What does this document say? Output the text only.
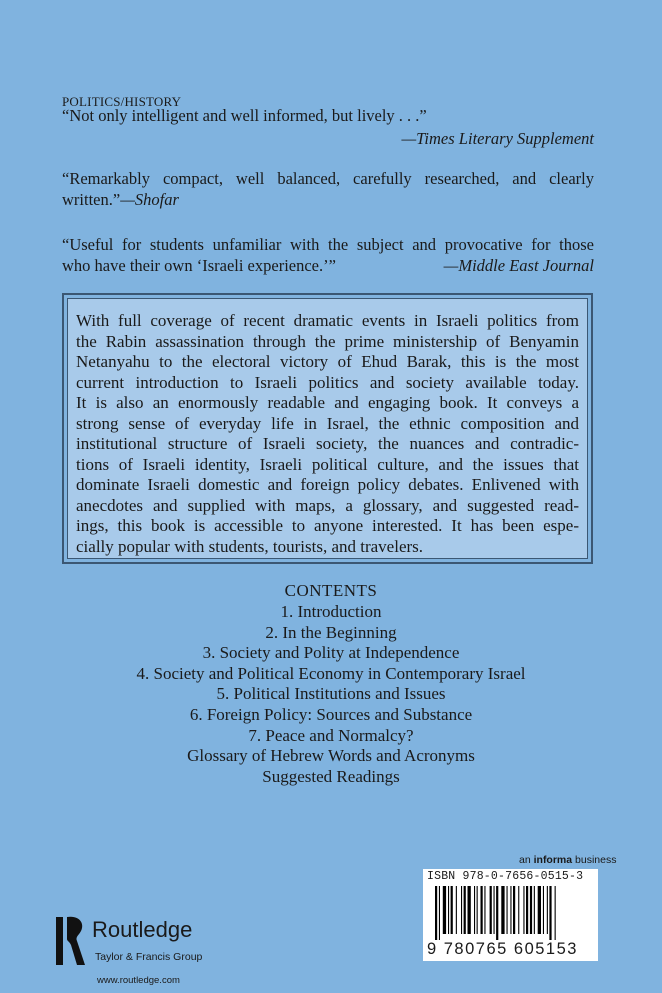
POLITICS/HISTORY
“Not only intelligent and well informed, but lively . . .”
—Times Literary Supplement
“Remarkably compact, well balanced, carefully researched, and clearly
written.”—Shofar
“Useful for students unfamiliar with the subject and provocative for those
who have their own ‘Israeli experience.’”	—Middle East Journal
With full coverage of recent dramatic events in Israeli politics from
the Rabin assassination through the prime ministership of Benyamin
Netanyahu to the electoral victory of Ehud Barak, this is the most
current introduction to Israeli politics and society available today.
It is also an enormously readable and engaging book. It conveys a
strong sense of everyday life in Israel, the ethnic composition and
institutional structure of Israeli society, the nuances and contradic-
tions of Israeli identity, Israeli political culture, and the issues that
dominate Israeli domestic and foreign policy debates. Enlivened with
anecdotes and supplied with maps, a glossary, and suggested read-
ings, this book is accessible to anyone interested. It has been espe-
cially popular with students, tourists, and travelers.
CONTENTS
1. Introduction
2. In the Beginning
3. Society and Polity at Independence
4. Society and Political Economy in Contemporary Israel
5. Political Institutions and Issues
6. Foreign Policy: Sources and Substance
7. Peace and Normalcy?
Glossary of Hebrew Words and Acronyms
Suggested Readings
an informa business
ISBN 978-0-7656-0515-3
9 780765 605153
Routledge
Taylor & Francis Group
www.routledge.com
